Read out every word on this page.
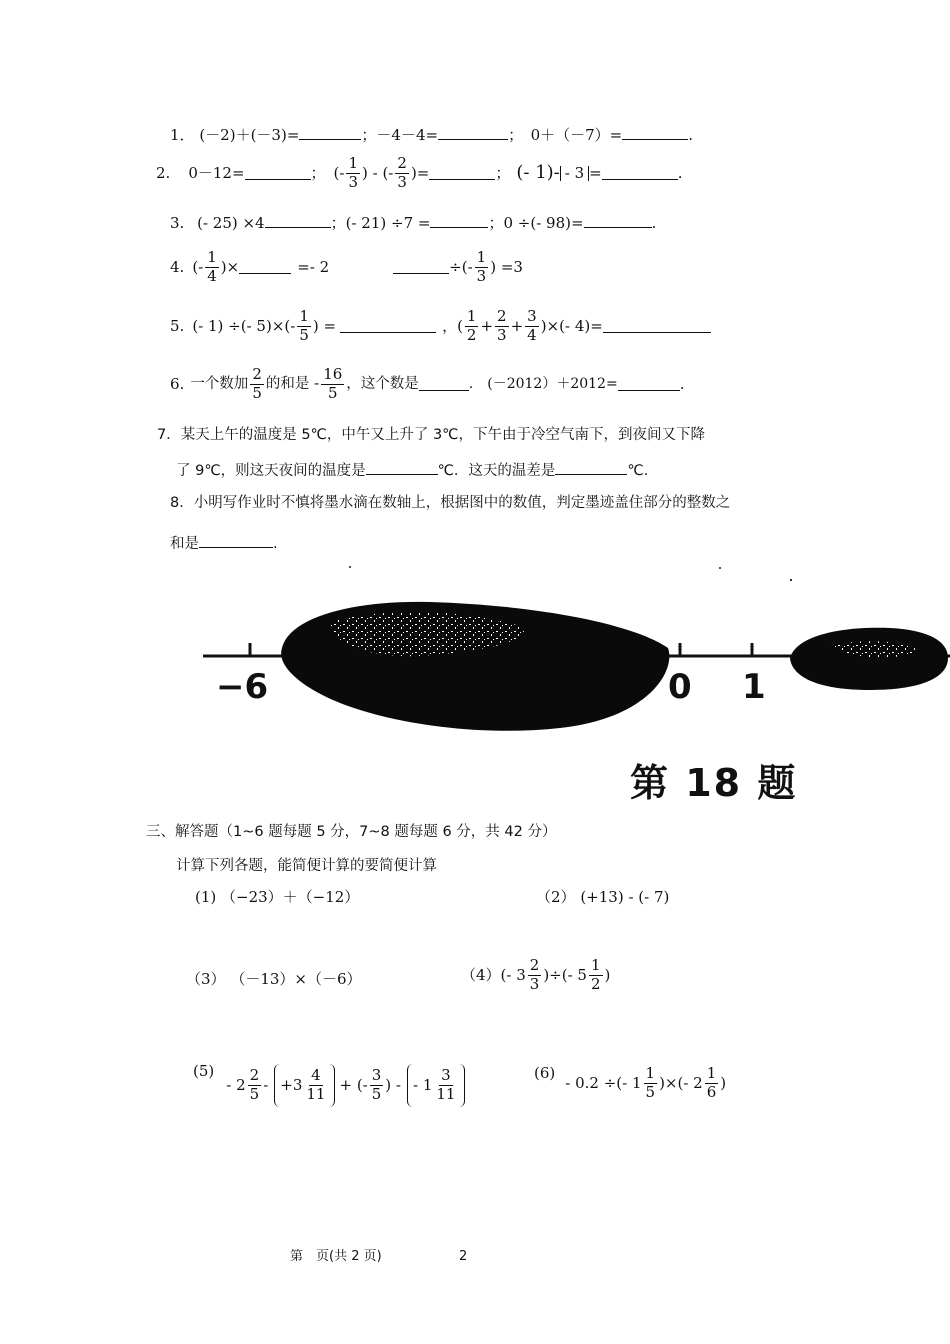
1． (－2)＋(－3)=	；－4－4=	；　0＋（－7）=	.
2. 0－12=	； (- $\frac{1}{3}$ ) - (- $\frac{2}{3}$ )=	； (- 1)- - 3 =	.
3. (- 25) ×4	；(- 21) ÷7 =	；0 ÷(- 98)=	.
4. (- $\frac{1}{4}$ )×	=- 2	÷(- $\frac{1}{3}$ ) =3
5. (- 1) ÷(- $5)\times(- \frac{1}{5}$ ) =	，( $\frac{1}{2} + \frac{2}{3} + \frac{3}{4}$ )×(- 4)=
6. 一个数加 $\frac{2}{5}$ 的和是 - $\frac{16}{5}$ ，这个数是	.　(－2012）＋2012=	.
7．某天上午的温度是 5℃，中午又上升了 3℃，下午由于冷空气南下，到夜间又下降
了 9℃，则这天夜间的温度是	℃．这天的温差是	℃.
8．小明写作业时不慎将墨水滴在数轴上，根据图中的数值，判定墨迹盖住部分的整数之
和是	.
−6	0 1
第 18 题
三、解答题（1~6 题每题 5 分，7~8 题每题 6 分，共 42 分）
计算下列各题，能简便计算的要简便计算
(1) （−23）＋（−12）	（2） (+13) - (- 7)
（3） （－13）×（－6）	（4） (- $3 \frac{2}{3}$ )÷(- $5 \frac{1}{2}$ )
(5)
- $2 \frac{2}{5} - +3 \frac{4}{11}$ + (- $\frac{3}{5}$ ) - - $1 \frac{3}{11}$	(6)
- 0.2 ÷(- $1 \frac{1}{5}$ )×(- $2 \frac{1}{6}$ )
第　页(共 2 页)	2
